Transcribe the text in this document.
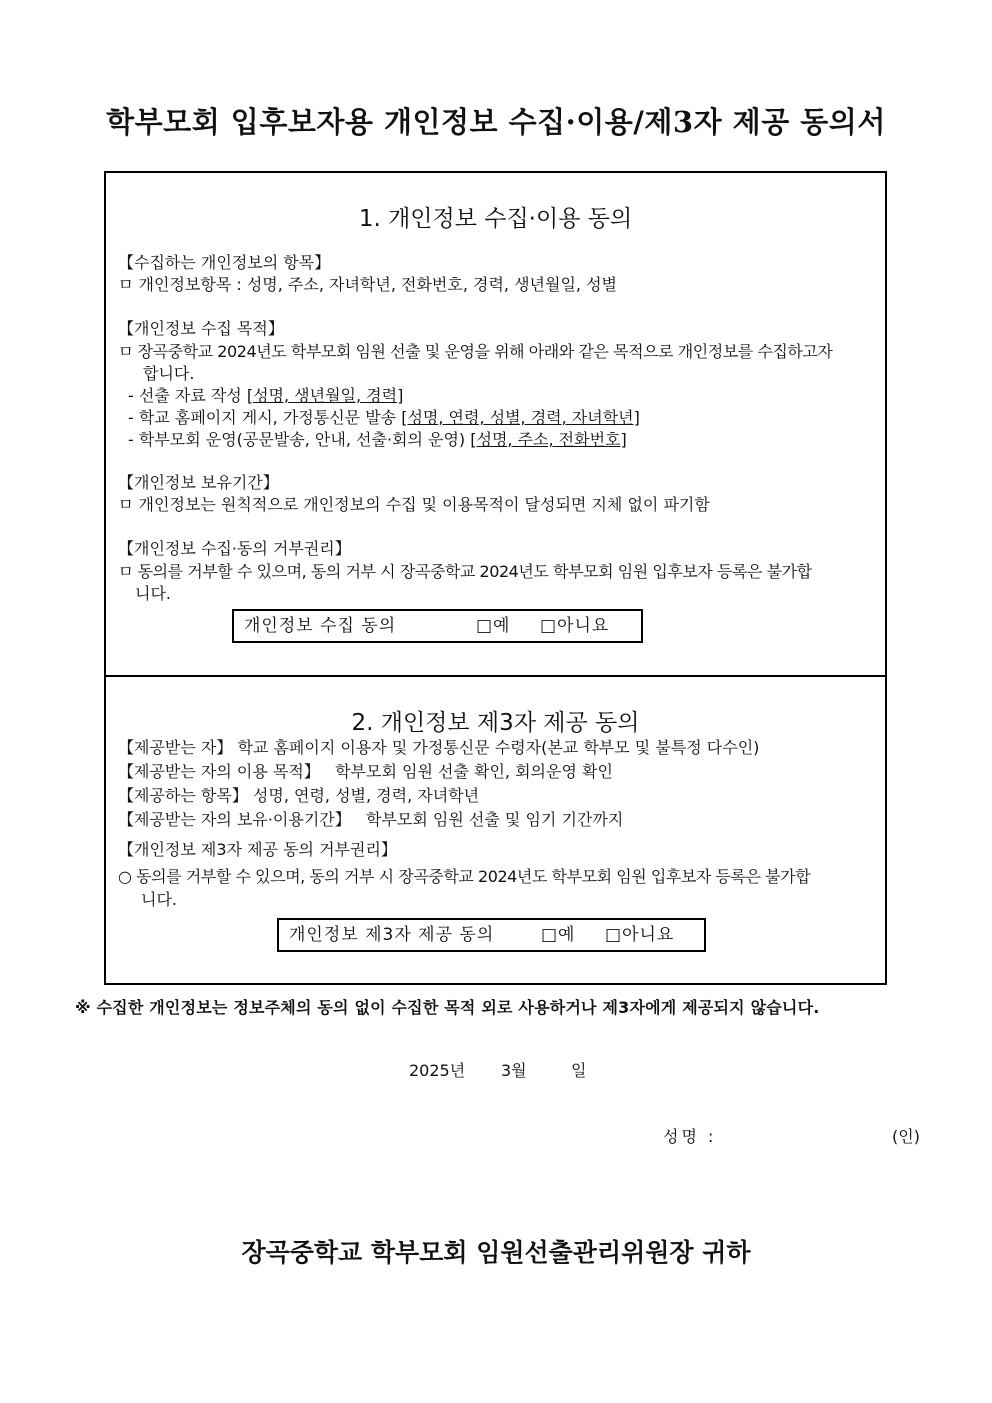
학부모회 입후보자용 개인정보 수집·이용/제3자 제공 동의서
1. 개인정보 수집·이용 동의
【수집하는 개인정보의 항목】
ㅁ 개인정보항목 : 성명, 주소, 자녀학년, 전화번호, 경력, 생년월일, 성별
【개인정보 수집 목적】
ㅁ 장곡중학교 2024년도 학부모회 임원 선출 및 운영을 위해 아래와 같은 목적으로 개인정보를 수집하고자
합니다.
- 선출 자료 작성 [성명, 생년월일, 경력]
- 학교 홈페이지 게시, 가정통신문 발송 [성명, 연령, 성별, 경력, 자녀학년]
- 학부모회 운영(공문발송, 안내, 선출·회의 운영) [성명, 주소, 전화번호]
【개인정보 보유기간】
ㅁ 개인정보는 원칙적으로 개인정보의 수집 및 이용목적이 달성되면 지체 없이 파기함
【개인정보 수집·동의 거부권리】
ㅁ 동의를 거부할 수 있으며, 동의 거부 시 장곡중학교 2024년도 학부모회 임원 입후보자 등록은 불가합
니다.
개인정보 수집 동의	□예 □아니요
2. 개인정보 제3자 제공 동의
【제공받는 자】 학교 홈페이지 이용자 및 가정통신문 수령자(본교 학부모 및 불특정 다수인)
【제공받는 자의 이용 목적】 학부모회 임원 선출 확인, 회의운영 확인
【제공하는 항목】 성명, 연령, 성별, 경력, 자녀학년
【제공받는 자의 보유·이용기간】 학부모회 임원 선출 및 임기 기간까지
【개인정보 제3자 제공 동의 거부권리】
○ 동의를 거부할 수 있으며, 동의 거부 시 장곡중학교 2024년도 학부모회 임원 입후보자 등록은 불가합
니다.
개인정보 제3자 제공 동의	□예 □아니요
※ 수집한 개인정보는 정보주체의 동의 없이 수집한 목적 외로 사용하거나 제3자에게 제공되지 않습니다.
2025년 3월	일
성명 :	(인)
장곡중학교 학부모회 임원선출관리위원장 귀하
